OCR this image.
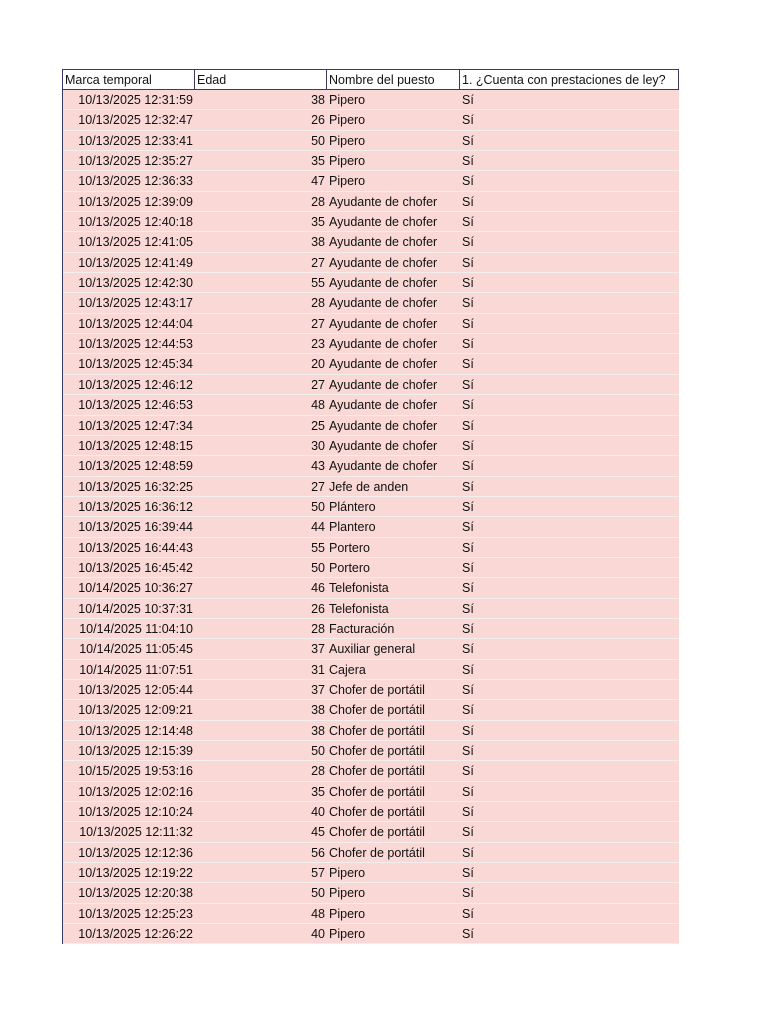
Marca temporal	Edad	Nombre del puesto	1. ¿Cuenta con prestaciones de ley?
10/13/2025 12:31:59	38 Pipero	Sí
10/13/2025 12:32:47	26 Pipero	Sí
10/13/2025 12:33:41	50 Pipero	Sí
10/13/2025 12:35:27	35 Pipero	Sí
10/13/2025 12:36:33	47 Pipero	Sí
10/13/2025 12:39:09	28 Ayudante de chofer	Sí
10/13/2025 12:40:18	35 Ayudante de chofer	Sí
10/13/2025 12:41:05	38 Ayudante de chofer	Sí
10/13/2025 12:41:49	27 Ayudante de chofer	Sí
10/13/2025 12:42:30	55 Ayudante de chofer	Sí
10/13/2025 12:43:17	28 Ayudante de chofer	Sí
10/13/2025 12:44:04	27 Ayudante de chofer	Sí
10/13/2025 12:44:53	23 Ayudante de chofer	Sí
10/13/2025 12:45:34	20 Ayudante de chofer	Sí
10/13/2025 12:46:12	27 Ayudante de chofer	Sí
10/13/2025 12:46:53	48 Ayudante de chofer	Sí
10/13/2025 12:47:34	25 Ayudante de chofer	Sí
10/13/2025 12:48:15	30 Ayudante de chofer	Sí
10/13/2025 12:48:59	43 Ayudante de chofer	Sí
10/13/2025 16:32:25	27 Jefe de anden	Sí
10/13/2025 16:36:12	50 Plántero	Sí
10/13/2025 16:39:44	44 Plantero	Sí
10/13/2025 16:44:43	55 Portero	Sí
10/13/2025 16:45:42	50 Portero	Sí
10/14/2025 10:36:27	46 Telefonista	Sí
10/14/2025 10:37:31	26 Telefonista	Sí
10/14/2025 11:04:10	28 Facturación	Sí
10/14/2025 11:05:45	37 Auxiliar general	Sí
10/14/2025 11:07:51	31 Cajera	Sí
10/13/2025 12:05:44	37 Chofer de portátil	Sí
10/13/2025 12:09:21	38 Chofer de portátil	Sí
10/13/2025 12:14:48	38 Chofer de portátil	Sí
10/13/2025 12:15:39	50 Chofer de portátil	Sí
10/15/2025 19:53:16	28 Chofer de portátil	Sí
10/13/2025 12:02:16	35 Chofer de portátil	Sí
10/13/2025 12:10:24	40 Chofer de portátil	Sí
10/13/2025 12:11:32	45 Chofer de portátil	Sí
10/13/2025 12:12:36	56 Chofer de portátil	Sí
10/13/2025 12:19:22	57 Pipero	Sí
10/13/2025 12:20:38	50 Pipero	Sí
10/13/2025 12:25:23	48 Pipero	Sí
10/13/2025 12:26:22	40 Pipero	Sí
